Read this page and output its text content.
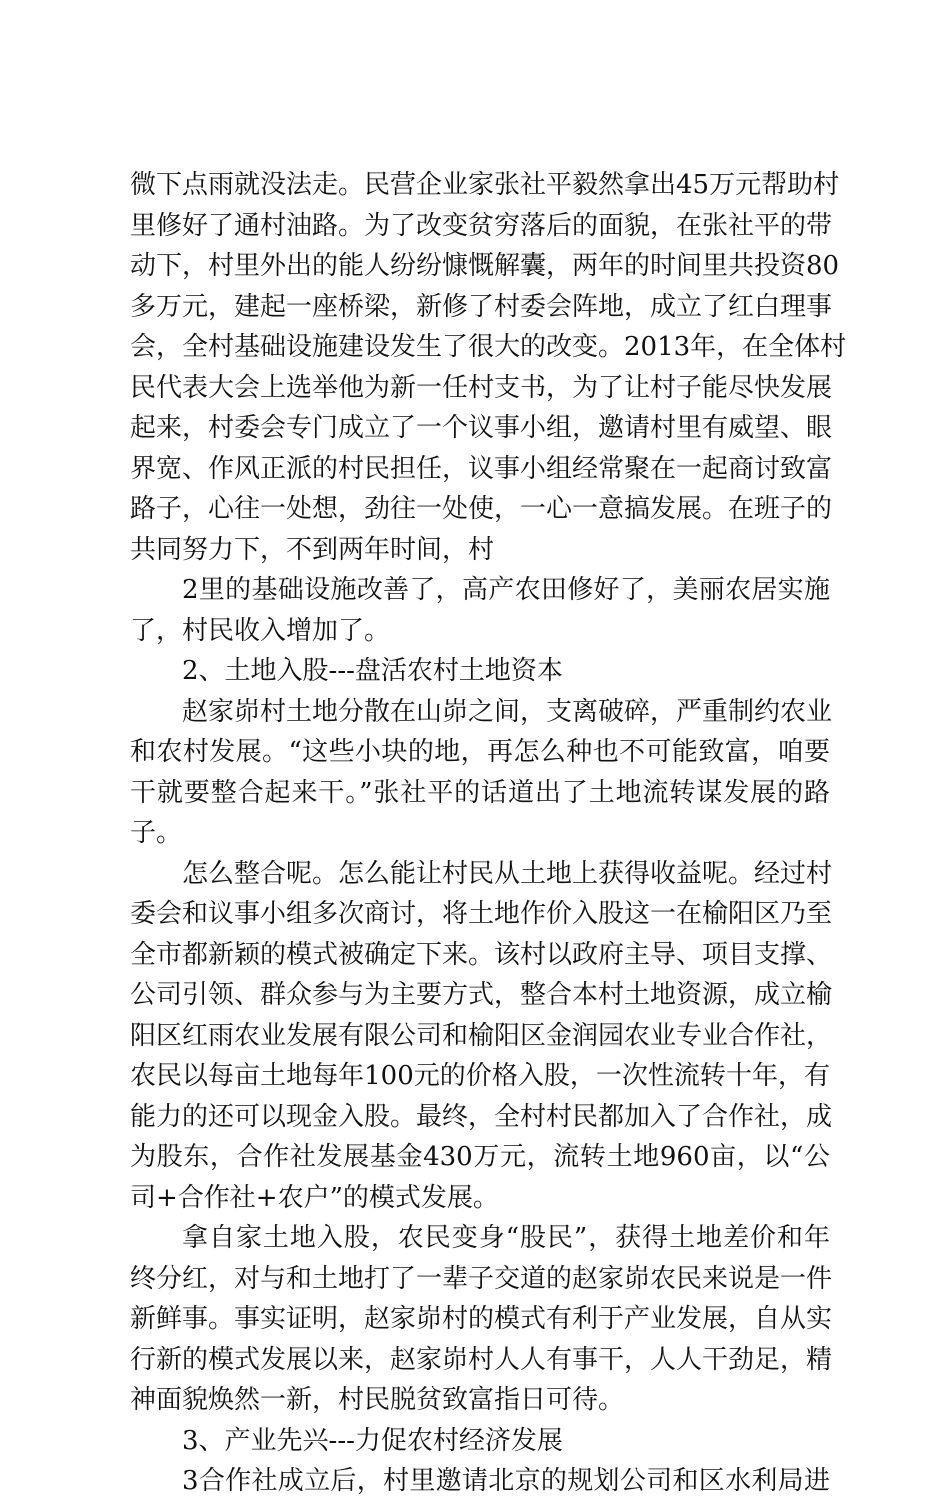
微下点雨就没法走。民营企业家张社平毅然拿出45万元帮助村
里修好了通村油路。为了改变贫穷落后的面貌，在张社平的带
动下，村里外出的能人纷纷慷慨解囊，两年的时间里共投资80
多万元，建起一座桥梁，新修了村委会阵地，成立了红白理事
会，全村基础设施建设发生了很大的改变。2013年，在全体村
民代表大会上选举他为新一任村支书，为了让村子能尽快发展
起来，村委会专门成立了一个议事小组，邀请村里有威望、眼
界宽、作风正派的村民担任，议事小组经常聚在一起商讨致富
路子，心往一处想，劲往一处使，一心一意搞发展。在班子的
共同努力下，不到两年时间，村
2里的基础设施改善了，高产农田修好了，美丽农居实施
了，村民收入增加了。
2、土地入股---盘活农村土地资本
赵家峁村土地分散在山峁之间，支离破碎，严重制约农业
和农村发展。“这些小块的地，再怎么种也不可能致富，咱要
干就要整合起来干。”张社平的话道出了土地流转谋发展的路
子。
怎么整合呢。怎么能让村民从土地上获得收益呢。经过村
委会和议事小组多次商讨，将土地作价入股这一在榆阳区乃至
全市都新颖的模式被确定下来。该村以政府主导、项目支撑、
公司引领、群众参与为主要方式，整合本村土地资源，成立榆
阳区红雨农业发展有限公司和榆阳区金润园农业专业合作社，
农民以每亩土地每年100元的价格入股，一次性流转十年，有
能力的还可以现金入股。最终，全村村民都加入了合作社，成
为股东，合作社发展基金430万元，流转土地960亩，以“公
司+合作社+农户”的模式发展。
拿自家土地入股，农民变身“股民”，获得土地差价和年
终分红，对与和土地打了一辈子交道的赵家峁农民来说是一件
新鲜事。事实证明，赵家峁村的模式有利于产业发展，自从实
行新的模式发展以来，赵家峁村人人有事干，人人干劲足，精
神面貌焕然一新，村民脱贫致富指日可待。
3、产业先兴---力促农村经济发展
3合作社成立后，村里邀请北京的规划公司和区水利局进
